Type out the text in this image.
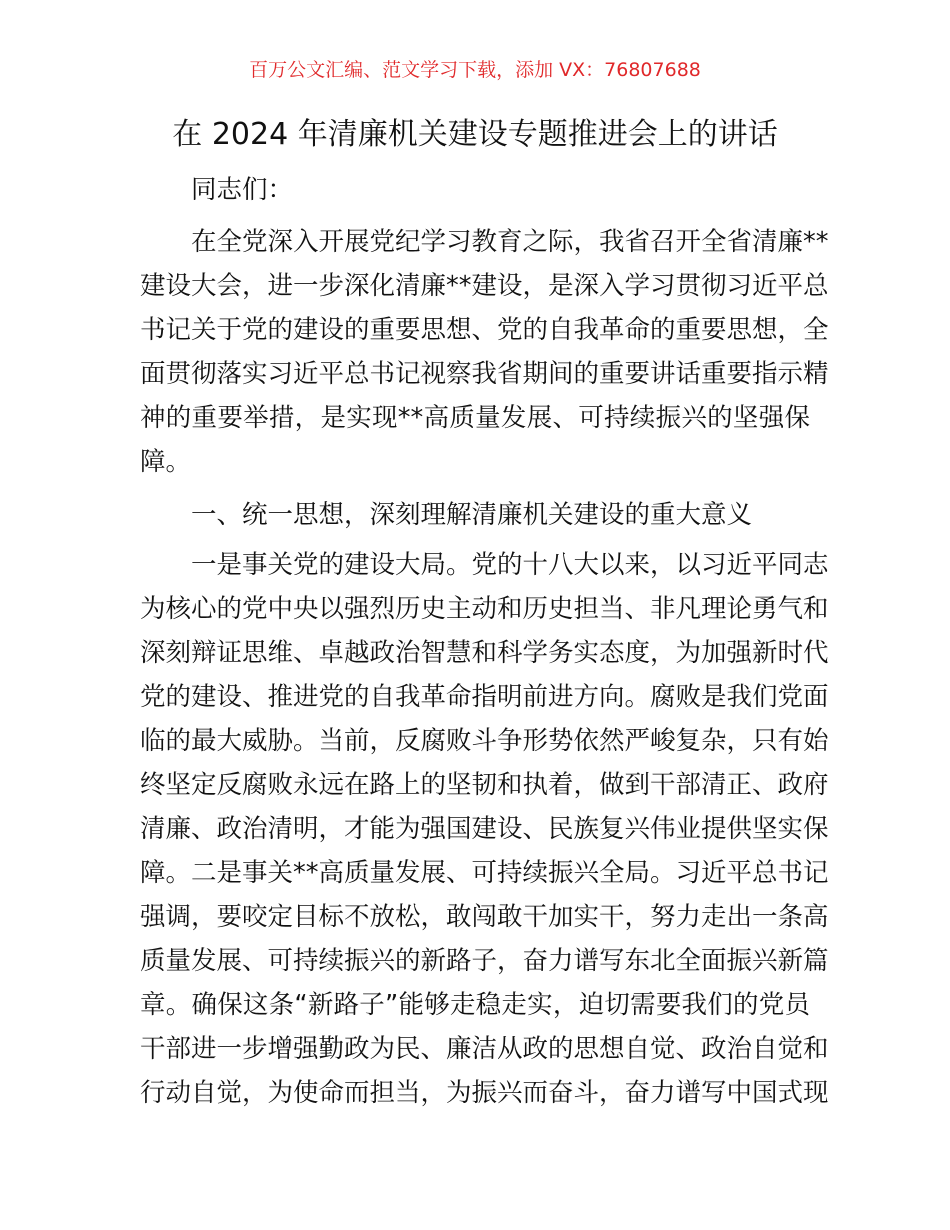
百万公文汇编、范文学习下载，添加 VX：76807688
在 2024 年清廉机关建设专题推进会上的讲话
同志们：
在全党深入开展党纪学习教育之际，我省召开全省清廉**
建设大会，进一步深化清廉**建设，是深入学习贯彻习近平总
书记关于党的建设的重要思想、党的自我革命的重要思想，全
面贯彻落实习近平总书记视察我省期间的重要讲话重要指示精
神的重要举措，是实现**高质量发展、可持续振兴的坚强保
障。
一、统一思想，深刻理解清廉机关建设的重大意义
一是事关党的建设大局。党的十八大以来，以习近平同志
为核心的党中央以强烈历史主动和历史担当、非凡理论勇气和
深刻辩证思维、卓越政治智慧和科学务实态度，为加强新时代
党的建设、推进党的自我革命指明前进方向。腐败是我们党面
临的最大威胁。当前，反腐败斗争形势依然严峻复杂，只有始
终坚定反腐败永远在路上的坚韧和执着，做到干部清正、政府
清廉、政治清明，才能为强国建设、民族复兴伟业提供坚实保
障。二是事关**高质量发展、可持续振兴全局。习近平总书记
强调，要咬定目标不放松，敢闯敢干加实干，努力走出一条高
质量发展、可持续振兴的新路子，奋力谱写东北全面振兴新篇
章。确保这条“新路子”能够走稳走实，迫切需要我们的党员
干部进一步增强勤政为民、廉洁从政的思想自觉、政治自觉和
行动自觉，为使命而担当，为振兴而奋斗，奋力谱写中国式现
